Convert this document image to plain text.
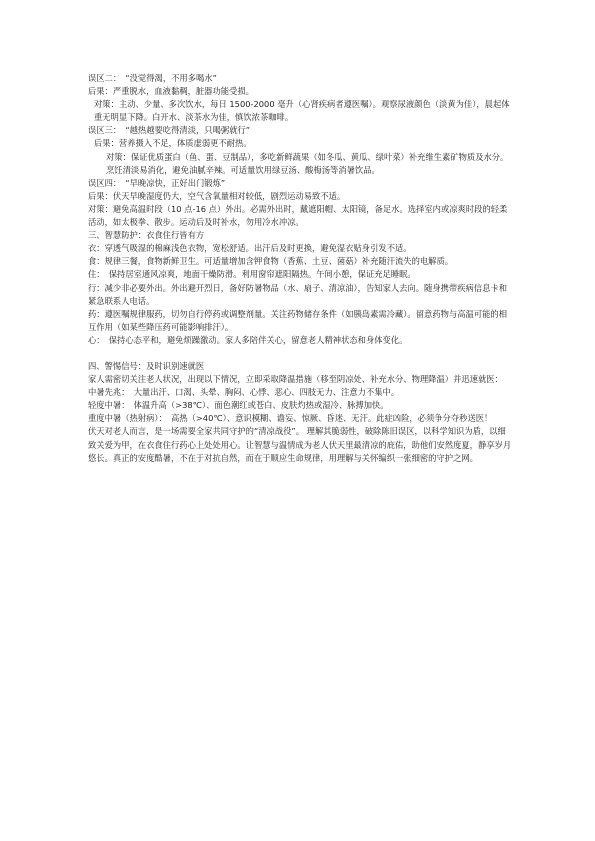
误区二：　“没觉得渴，不用多喝水”

后果：严重脱水，血液黏稠，脏器功能受损。

对策：主动、少量、多次饮水，每日 1500-2000 毫升（心肾疾病者遵医嘱）。观察尿液颜色（淡黄为佳），晨起体重无明显下降。白开水、淡茶水为佳，慎饮浓茶咖啡。

误区三：　“越热越要吃得清淡，只喝粥就行”

后果：营养摄入不足，体质虚弱更不耐热。

对策：保证优质蛋白（鱼、蛋、豆制品），多吃新鲜蔬果（如冬瓜、黄瓜、绿叶菜）补充维生素矿物质及水分。烹饪清淡易消化，避免油腻辛辣。可适量饮用绿豆汤、酸梅汤等消暑饮品。

误区四：　“早晚凉快，正好出门锻炼”

后果：伏天早晚湿度仍大，空气含氧量相对较低，剧烈运动易致不适。

对策：避免高温时段（10 点-16 点）外出。必需外出时，戴遮阳帽、太阳镜，备足水。选择室内或凉爽时段的轻柔活动，如太极拳、散步。运动后及时补水，勿用冷水冲凉。

三、智慧防护：衣食住行皆有方

衣：穿透气吸湿的棉麻浅色衣物，宽松舒适。出汗后及时更换，避免湿衣贴身引发不适。

食：规律三餐，食物新鲜卫生。可适量增加含钾食物（香蕉、土豆、菌菇）补充随汗流失的电解质。

住：　保持居室通风凉爽，地面干燥防滑。利用窗帘遮阳隔热。午间小憩，保证充足睡眠。

行：减少非必要外出。外出避开烈日，备好防暑物品（水、扇子、清凉油），告知家人去向。随身携带疾病信息卡和紧急联系人电话。

药：遵医嘱规律服药，切勿自行停药或调整剂量。关注药物储存条件（如胰岛素需冷藏）。留意药物与高温可能的相互作用（如某些降压药可能影响排汗）。

心：　保持心态平和，避免烦躁激动。家人多陪伴关心，留意老人精神状态和身体变化。

四、警惕信号：及时识别速就医

家人需密切关注老人状况，出现以下情况，立即采取降温措施（移至阴凉处、补充水分、物理降温）并迅速就医：

中暑先兆：　大量出汗、口渴、头晕、胸闷、心悸、恶心、四肢无力、注意力不集中。

轻度中暑：　体温升高（>38℃）、面色潮红或苍白、皮肤灼热或湿冷、脉搏加快。

重度中暑（热射病）：　高热（>40℃）、意识模糊、谵妄、惊厥、昏迷、无汗。此症凶险，必须争分夺秒送医！

伏天对老人而言，是一场需要全家共同守护的“清凉战役”。 理解其脆弱性，破除陈旧误区，以科学知识为盾，以细致关爱为甲，在衣食住行药心上处处用心。让智慧与温情成为老人伏天里最清凉的庇佑，助他们安然度夏，静享岁月悠长。真正的安度酷暑，不在于对抗自然，而在于顺应生命规律，用理解与关怀编织一张细密的守护之网。
